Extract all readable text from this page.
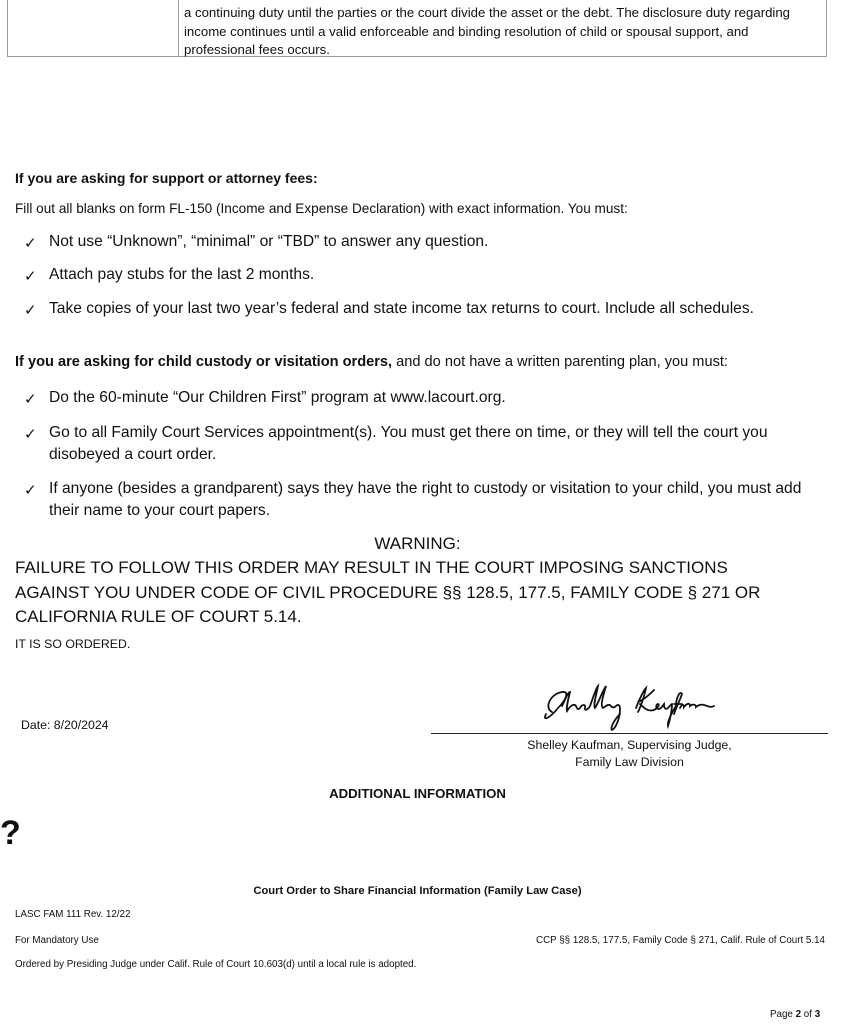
a continuing duty until the parties or the court divide the asset or the debt. The disclosure duty regarding income continues until a valid enforceable and binding resolution of child or spousal support, and professional fees occurs.
If you are asking for support or attorney fees:
Fill out all blanks on form FL-150 (Income and Expense Declaration) with exact information. You must:
✓ Not use “Unknown”, “minimal” or “TBD” to answer any question.
✓ Attach pay stubs for the last 2 months.
✓ Take copies of your last two year’s federal and state income tax returns to court. Include all schedules.
If you are asking for child custody or visitation orders, and do not have a written parenting plan, you must:
✓ Do the 60-minute “Our Children First” program at www.lacourt.org.
✓ Go to all Family Court Services appointment(s). You must get there on time, or they will tell the court you disobeyed a court order.
✓ If anyone (besides a grandparent) says they have the right to custody or visitation to your child, you must add their name to your court papers.
WARNING:
FAILURE TO FOLLOW THIS ORDER MAY RESULT IN THE COURT IMPOSING SANCTIONS AGAINST YOU UNDER CODE OF CIVIL PROCEDURE §§ 128.5, 177.5, FAMILY CODE § 271 OR CALIFORNIA RULE OF COURT 5.14.
IT IS SO ORDERED.
Date: 8/20/2024
Shelley Kaufman, Supervising Judge,
Family Law Division
ADDITIONAL INFORMATION
?
Court Order to Share Financial Information (Family Law Case)
LASC FAM 111 Rev. 12/22
For Mandatory Use	CCP §§ 128.5, 177.5, Family Code § 271, Calif. Rule of Court 5.14
Ordered by Presiding Judge under Calif. Rule of Court 10.603(d) until a local rule is adopted.
Page 2 of 3
